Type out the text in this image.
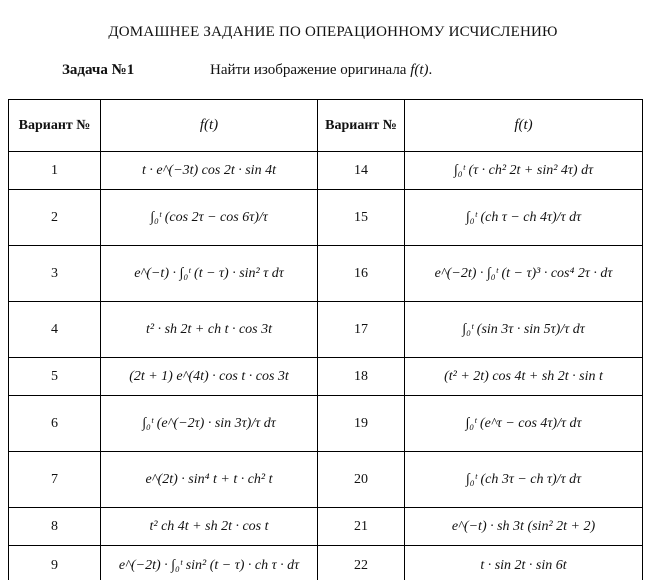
ДОМАШНЕЕ ЗАДАНИЕ ПО ОПЕРАЦИОННОМУ ИСЧИСЛЕНИЮ
Задача №1	Найти изображение оригинала f(t).
Вариант №	f(t)	Вариант №	f(t)
1	t · e^(−3t) cos 2t · sin 4t	14	∫₀ᵗ (τ · ch² 2t + sin² 4τ) dτ
2	∫₀ᵗ (cos 2τ − cos 6τ)/τ	15	∫₀ᵗ (ch τ − ch 4τ)/τ dτ
3	e^(−t) · ∫₀ᵗ (t − τ) · sin² τ dτ	16	e^(−2t) · ∫₀ᵗ (t − τ)³ · cos⁴ 2τ · dτ
4	t² · sh 2t + ch t · cos 3t	17	∫₀ᵗ (sin 3τ · sin 5τ)/τ dτ
5	(2t + 1) e^(4t) · cos t · cos 3t	18	(t² + 2t) cos 4t + sh 2t · sin t
6	∫₀ᵗ (e^(−2τ) · sin 3τ)/τ dτ	19	∫₀ᵗ (e^τ − cos 4τ)/τ dτ
7	e^(2t) · sin⁴ t + t · ch² t	20	∫₀ᵗ (ch 3τ − ch τ)/τ dτ
8	t² ch 4t + sh 2t · cos t	21	e^(−t) · sh 3t (sin² 2t + 2)
9	e^(−2t) · ∫₀ᵗ sin² (t − τ) · ch τ · dτ	22	t · sin 2t · sin 6t
